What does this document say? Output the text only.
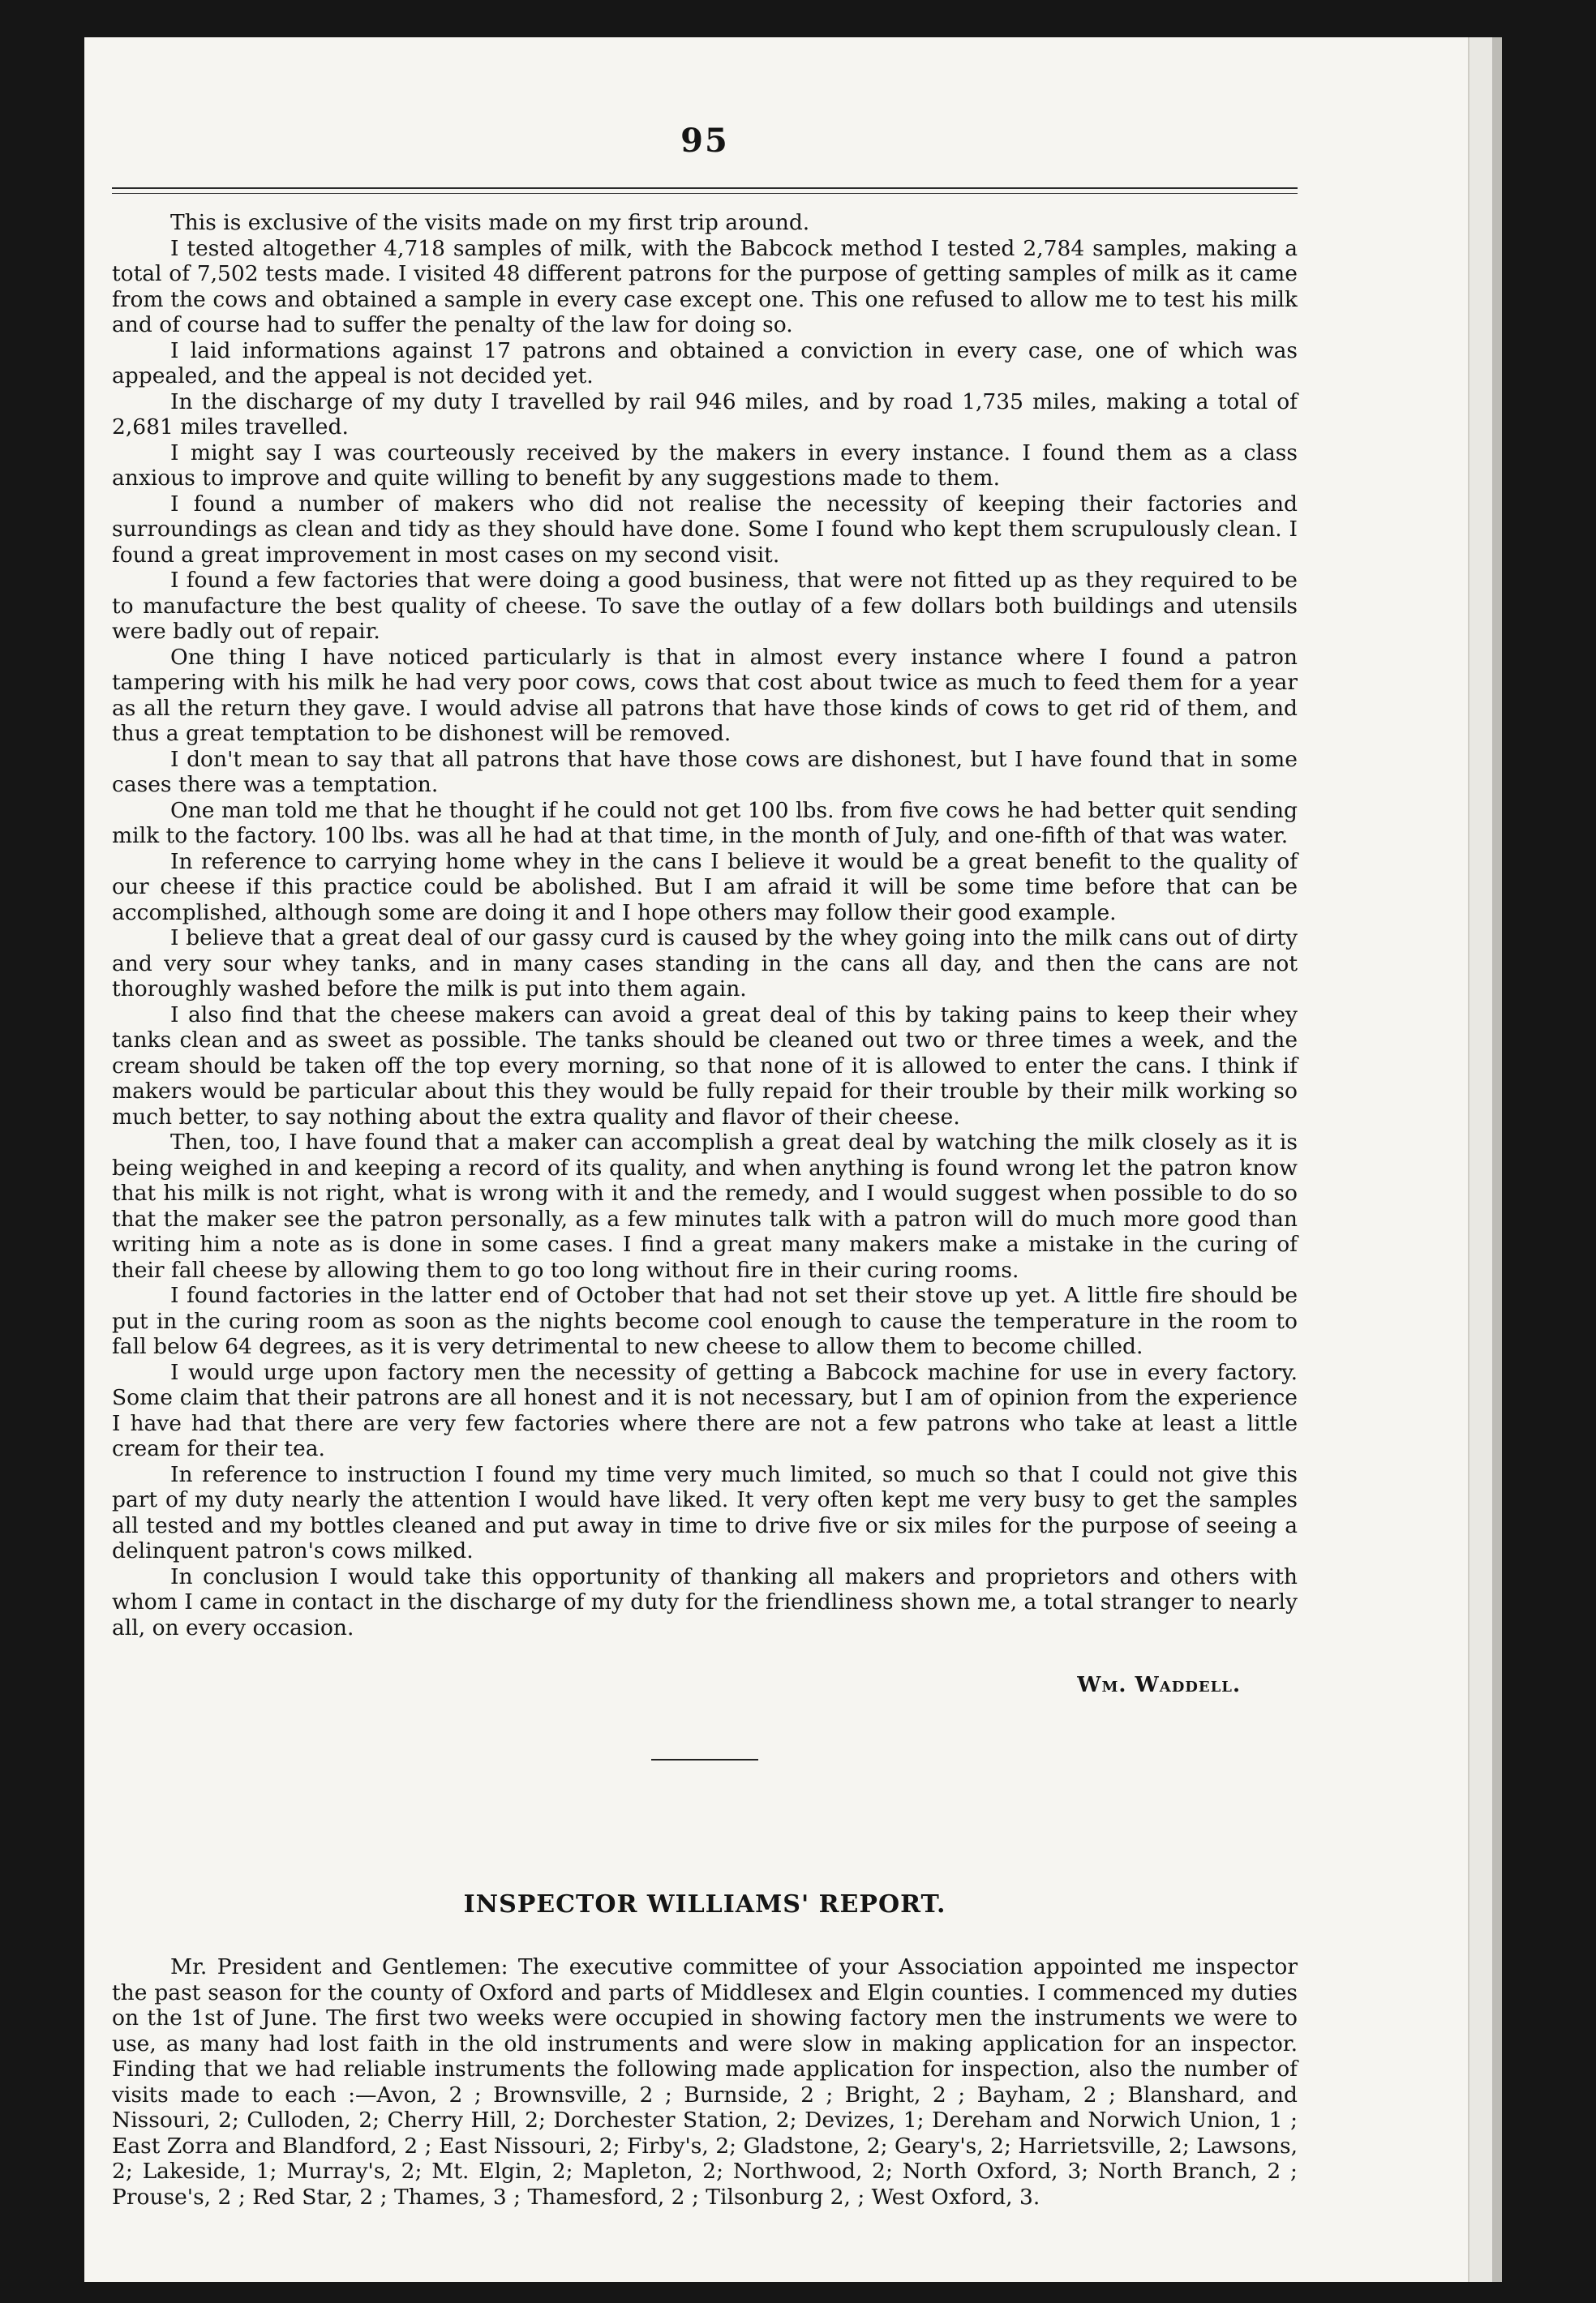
95

This is exclusive of the visits made on my first trip around.

I tested altogether 4,718 samples of milk, with the Babcock method I tested 2,784 samples, making a total of 7,502 tests made. I visited 48 different patrons for the purpose of getting samples of milk as it came from the cows and obtained a sample in every case except one. This one refused to allow me to test his milk and of course had to suffer the penalty of the law for doing so.

I laid informations against 17 patrons and obtained a conviction in every case, one of which was appealed, and the appeal is not decided yet.

In the discharge of my duty I travelled by rail 946 miles, and by road 1,735 miles, making a total of 2,681 miles travelled.

I might say I was courteously received by the makers in every instance. I found them as a class anxious to improve and quite willing to benefit by any suggestions made to them.

I found a number of makers who did not realise the necessity of keeping their factories and surroundings as clean and tidy as they should have done. Some I found who kept them scrupulously clean. I found a great improvement in most cases on my second visit.

I found a few factories that were doing a good business, that were not fitted up as they required to be to manufacture the best quality of cheese. To save the outlay of a few dollars both buildings and utensils were badly out of repair.

One thing I have noticed particularly is that in almost every instance where I found a patron tampering with his milk he had very poor cows, cows that cost about twice as much to feed them for a year as all the return they gave. I would advise all patrons that have those kinds of cows to get rid of them, and thus a great temptation to be dishonest will be removed.

I don't mean to say that all patrons that have those cows are dishonest, but I have found that in some cases there was a temptation.

One man told me that he thought if he could not get 100 lbs. from five cows he had better quit sending milk to the factory. 100 lbs. was all he had at that time, in the month of July, and one-fifth of that was water.

In reference to carrying home whey in the cans I believe it would be a great benefit to the quality of our cheese if this practice could be abolished. But I am afraid it will be some time before that can be accomplished, although some are doing it and I hope others may follow their good example.

I believe that a great deal of our gassy curd is caused by the whey going into the milk cans out of dirty and very sour whey tanks, and in many cases standing in the cans all day, and then the cans are not thoroughly washed before the milk is put into them again.

I also find that the cheese makers can avoid a great deal of this by taking pains to keep their whey tanks clean and as sweet as possible. The tanks should be cleaned out two or three times a week, and the cream should be taken off the top every morning, so that none of it is allowed to enter the cans. I think if makers would be particular about this they would be fully repaid for their trouble by their milk working so much better, to say nothing about the extra quality and flavor of their cheese.

Then, too, I have found that a maker can accomplish a great deal by watching the milk closely as it is being weighed in and keeping a record of its quality, and when anything is found wrong let the patron know that his milk is not right, what is wrong with it and the remedy, and I would suggest when possible to do so that the maker see the patron personally, as a few minutes talk with a patron will do much more good than writing him a note as is done in some cases. I find a great many makers make a mistake in the curing of their fall cheese by allowing them to go too long without fire in their curing rooms.

I found factories in the latter end of October that had not set their stove up yet. A little fire should be put in the curing room as soon as the nights become cool enough to cause the temperature in the room to fall below 64 degrees, as it is very detrimental to new cheese to allow them to become chilled.

I would urge upon factory men the necessity of getting a Babcock machine for use in every factory. Some claim that their patrons are all honest and it is not necessary, but I am of opinion from the experience I have had that there are very few factories where there are not a few patrons who take at least a little cream for their tea.

In reference to instruction I found my time very much limited, so much so that I could not give this part of my duty nearly the attention I would have liked. It very often kept me very busy to get the samples all tested and my bottles cleaned and put away in time to drive five or six miles for the purpose of seeing a delinquent patron's cows milked.

In conclusion I would take this opportunity of thanking all makers and proprietors and others with whom I came in contact in the discharge of my duty for the friendliness shown me, a total stranger to nearly all, on every occasion.

Wm. Waddell.
INSPECTOR WILLIAMS' REPORT.

Mr. President and Gentlemen: The executive committee of your Association appointed me inspector the past season for the county of Oxford and parts of Middlesex and Elgin counties. I commenced my duties on the 1st of June. The first two weeks were occupied in showing factory men the instruments we were to use, as many had lost faith in the old instruments and were slow in making application for an inspector. Finding that we had reliable instruments the following made application for inspection, also the number of visits made to each :—Avon, 2 ; Brownsville, 2 ; Burnside, 2 ; Bright, 2 ; Bayham, 2 ; Blanshard, and Nissouri, 2; Culloden, 2; Cherry Hill, 2; Dorchester Station, 2; Devizes, 1; Dereham and Norwich Union, 1 ; East Zorra and Blandford, 2 ; East Nissouri, 2; Firby's, 2; Gladstone, 2; Geary's, 2; Harrietsville, 2; Lawsons, 2; Lakeside, 1; Murray's, 2; Mt. Elgin, 2; Mapleton, 2; Northwood, 2; North Oxford, 3; North Branch, 2 ; Prouse's, 2 ; Red Star, 2 ; Thames, 3 ; Thamesford, 2 ; Tilsonburg 2, ; West Oxford, 3.
